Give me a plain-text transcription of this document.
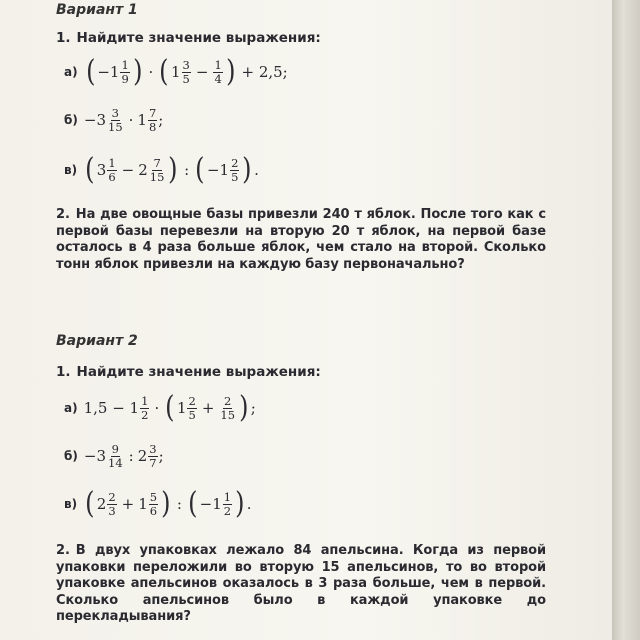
Вариант 1
1. Найдите значение выражения:
а) ( $-1 \frac{1}{9}$ ) · ( $1 \frac{3}{5} - \frac{1}{4}$ ) + 2,5;
$б) -3 \frac{3}{15} \cdot 1 \frac{7}{8}$ ;
в) ( $3 \frac{1}{6} - 2 \frac{7}{15}$ ) : ( $-1 \frac{2}{5}$ ) .
2. На две овощные базы привезли 240 т яблок. После того как с первой базы перевезли на вторую 20 т яблок, на первой базе осталось в 4 раза больше яблок, чем стало на второй. Сколько тонн яблок привезли на каждую базу первоначально?
Вариант 2
1. Найдите значение выражения:
а) $1,5 - 1 \frac{1}{2}$ · ( $1 \frac{2}{5} + \frac{2}{15}$ ) ;
$б) -3 \frac{9}{14}$ : $2 \frac{3}{7}$ ;
в) ( $2 \frac{2}{3} + 1 \frac{5}{6}$ ) : ( $-1 \frac{1}{2}$ ) .
2. В двух упаковках лежало 84 апельсина. Когда из первой упаковки переложили во вторую 15 апельсинов, то во второй упаковке апельсинов оказалось в 3 раза больше, чем в первой. Сколько апельсинов было в каждой упаковке до перекладывания?
